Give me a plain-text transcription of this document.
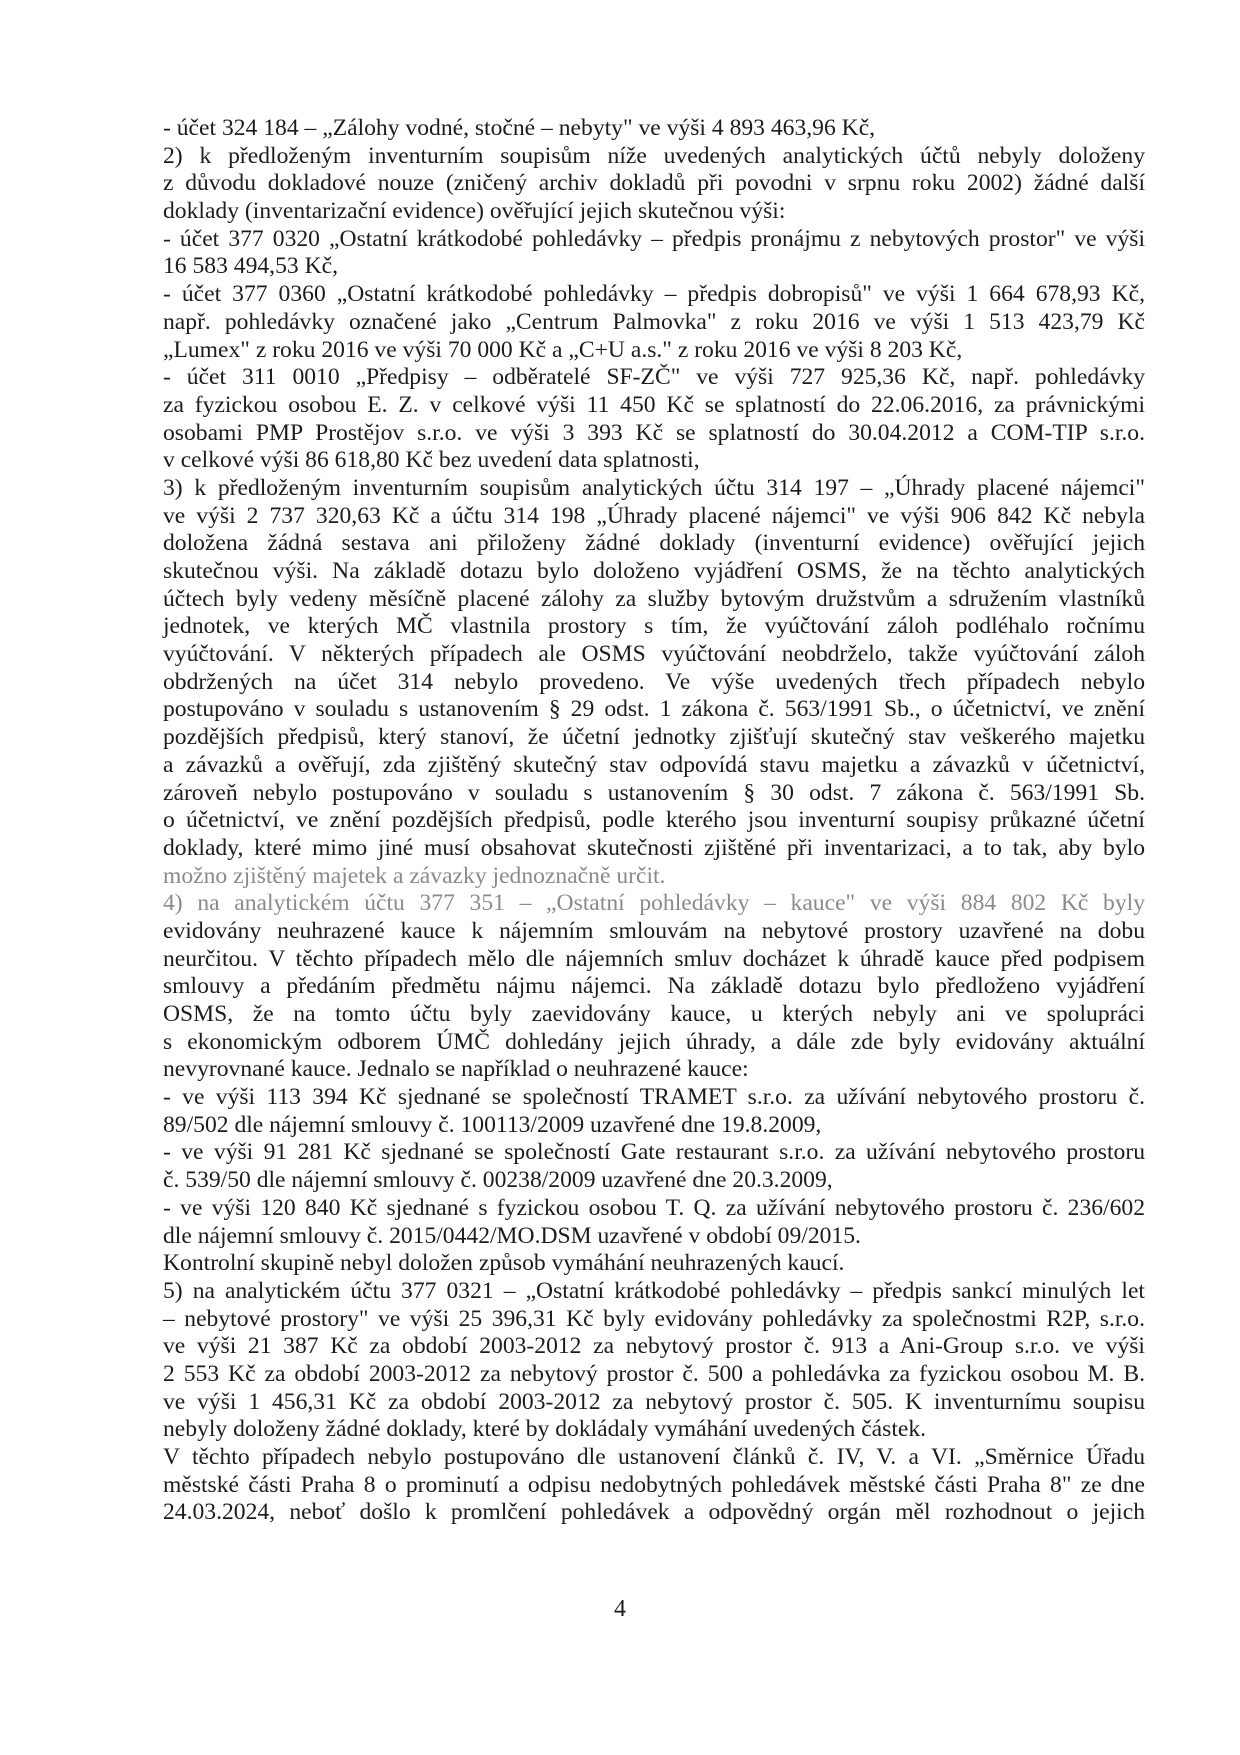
- účet 324 184 – „Zálohy vodné, stočné – nebyty" ve výši 4 893 463,96 Kč,
2) k předloženým inventurním soupisům níže uvedených analytických účtů nebyly doloženy
z důvodu dokladové nouze (zničený archiv dokladů při povodni v srpnu roku 2002) žádné další
doklady (inventarizační evidence) ověřující jejich skutečnou výši:
- účet 377 0320 „Ostatní krátkodobé pohledávky – předpis pronájmu z nebytových prostor" ve výši
16 583 494,53 Kč,
- účet 377 0360 „Ostatní krátkodobé pohledávky – předpis dobropisů" ve výši 1 664 678,93 Kč,
např. pohledávky označené jako „Centrum Palmovka" z roku 2016 ve výši 1 513 423,79 Kč
„Lumex" z roku 2016 ve výši 70 000 Kč a „C+U a.s." z roku 2016 ve výši 8 203 Kč,
- účet 311 0010 „Předpisy – odběratelé SF-ZČ" ve výši 727 925,36 Kč, např. pohledávky
za fyzickou osobou E. Z. v celkové výši 11 450 Kč se splatností do 22.06.2016, za právnickými
osobami PMP Prostějov s.r.o. ve výši 3 393 Kč se splatností do 30.04.2012 a COM-TIP s.r.o.
v celkové výši 86 618,80 Kč bez uvedení data splatnosti,
3) k předloženým inventurním soupisům analytických účtu 314 197 – „Úhrady placené nájemci"
ve výši 2 737 320,63 Kč a účtu 314 198 „Úhrady placené nájemci" ve výši 906 842 Kč nebyla
doložena žádná sestava ani přiloženy žádné doklady (inventurní evidence) ověřující jejich
skutečnou výši. Na základě dotazu bylo doloženo vyjádření OSMS, že na těchto analytických
účtech byly vedeny měsíčně placené zálohy za služby bytovým družstvům a sdružením vlastníků
jednotek, ve kterých MČ vlastnila prostory s tím, že vyúčtování záloh podléhalo ročnímu
vyúčtování. V některých případech ale OSMS vyúčtování neobdrželo, takže vyúčtování záloh
obdržených na účet 314 nebylo provedeno. Ve výše uvedených třech případech nebylo
postupováno v souladu s ustanovením § 29 odst. 1 zákona č. 563/1991 Sb., o účetnictví, ve znění
pozdějších předpisů, který stanoví, že účetní jednotky zjišťují skutečný stav veškerého majetku
a závazků a ověřují, zda zjištěný skutečný stav odpovídá stavu majetku a závazků v účetnictví,
zároveň nebylo postupováno v souladu s ustanovením § 30 odst. 7 zákona č. 563/1991 Sb.
o účetnictví, ve znění pozdějších předpisů, podle kterého jsou inventurní soupisy průkazné účetní
doklady, které mimo jiné musí obsahovat skutečnosti zjištěné při inventarizaci, a to tak, aby bylo
možno zjištěný majetek a závazky jednoznačně určit.
4) na analytickém účtu 377 351 – „Ostatní pohledávky – kauce" ve výši 884 802 Kč byly
evidovány neuhrazené kauce k nájemním smlouvám na nebytové prostory uzavřené na dobu
neurčitou. V těchto případech mělo dle nájemních smluv docházet k úhradě kauce před podpisem
smlouvy a předáním předmětu nájmu nájemci. Na základě dotazu bylo předloženo vyjádření
OSMS, že na tomto účtu byly zaevidovány kauce, u kterých nebyly ani ve spolupráci
s ekonomickým odborem ÚMČ dohledány jejich úhrady, a dále zde byly evidovány aktuální
nevyrovnané kauce. Jednalo se například o neuhrazené kauce:
- ve výši 113 394 Kč sjednané se společností TRAMET s.r.o. za užívání nebytového prostoru č.
89/502 dle nájemní smlouvy č. 100113/2009 uzavřené dne 19.8.2009,
- ve výši 91 281 Kč sjednané se společností Gate restaurant s.r.o. za užívání nebytového prostoru
č. 539/50 dle nájemní smlouvy č. 00238/2009 uzavřené dne 20.3.2009,
- ve výši 120 840 Kč sjednané s fyzickou osobou T. Q. za užívání nebytového prostoru č. 236/602
dle nájemní smlouvy č. 2015/0442/MO.DSM uzavřené v období 09/2015.
Kontrolní skupině nebyl doložen způsob vymáhání neuhrazených kaucí.
5) na analytickém účtu 377 0321 – „Ostatní krátkodobé pohledávky – předpis sankcí minulých let
– nebytové prostory" ve výši 25 396,31 Kč byly evidovány pohledávky za společnostmi R2P, s.r.o.
ve výši 21 387 Kč za období 2003-2012 za nebytový prostor č. 913 a Ani-Group s.r.o. ve výši
2 553 Kč za období 2003-2012 za nebytový prostor č. 500 a pohledávka za fyzickou osobou M. B.
ve výši 1 456,31 Kč za období 2003-2012 za nebytový prostor č. 505. K inventurnímu soupisu
nebyly doloženy žádné doklady, které by dokládaly vymáhání uvedených částek.
V těchto případech nebylo postupováno dle ustanovení článků č. IV, V. a VI. „Směrnice Úřadu
městské části Praha 8 o prominutí a odpisu nedobytných pohledávek městské části Praha 8" ze dne
24.03.2024, neboť došlo k promlčení pohledávek a odpovědný orgán měl rozhodnout o jejich
4
